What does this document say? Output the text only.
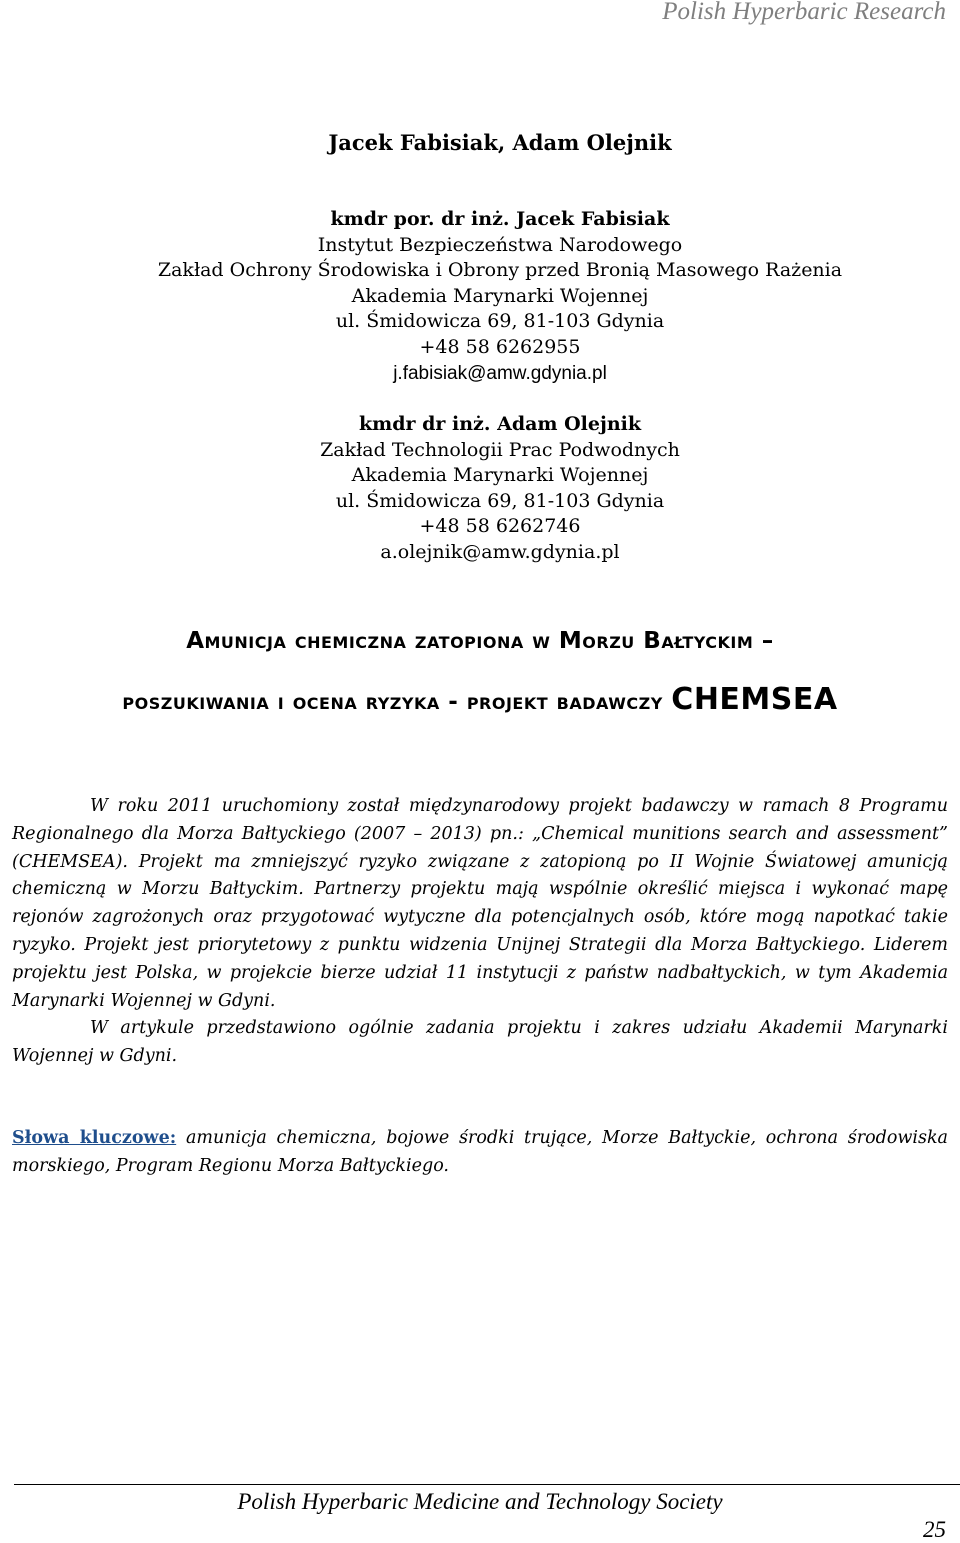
Polish Hyperbaric Research
Jacek Fabisiak, Adam Olejnik
kmdr por. dr inż. Jacek Fabisiak
Instytut Bezpieczeństwa Narodowego
Zakład Ochrony Środowiska i Obrony przed Bronią Masowego Rażenia
Akademia Marynarki Wojennej
ul. Śmidowicza 69, 81-103 Gdynia
+48 58 6262955
j.fabisiak@amw.gdynia.pl
kmdr dr inż. Adam Olejnik
Zakład Technologii Prac Podwodnych
Akademia Marynarki Wojennej
ul. Śmidowicza 69, 81-103 Gdynia
+48 58 6262746
a.olejnik@amw.gdynia.pl
Amunicja chemiczna zatopiona w Morzu Bałtyckim –
poszukiwania i ocena ryzyka - projekt badawczy CHEMSEA

W roku 2011 uruchomiony został międzynarodowy projekt badawczy w ramach 8 Programu Regionalnego dla Morza Bałtyckiego (2007 – 2013) pn.: „Chemical munitions search and assessment” (CHEMSEA). Projekt ma zmniejszyć ryzyko związane z zatopioną po II Wojnie Światowej amunicją chemiczną w Morzu Bałtyckim. Partnerzy projektu mają wspólnie określić miejsca i wykonać mapę rejonów zagrożonych oraz przygotować wytyczne dla potencjalnych osób, które mogą napotkać takie ryzyko. Projekt jest priorytetowy z punktu widzenia Unijnej Strategii dla Morza Bałtyckiego. Liderem projektu jest Polska, w projekcie bierze udział 11 instytucji z państw nadbałtyckich, w tym Akademia Marynarki Wojennej w Gdyni.

W artykule przedstawiono ogólnie zadania projektu i zakres udziału Akademii Marynarki Wojennej w Gdyni.

Słowa kluczowe: amunicja chemiczna, bojowe środki trujące, Morze Bałtyckie, ochrona środowiska morskiego, Program Regionu Morza Bałtyckiego.

Polish Hyperbaric Medicine and Technology Society
25
